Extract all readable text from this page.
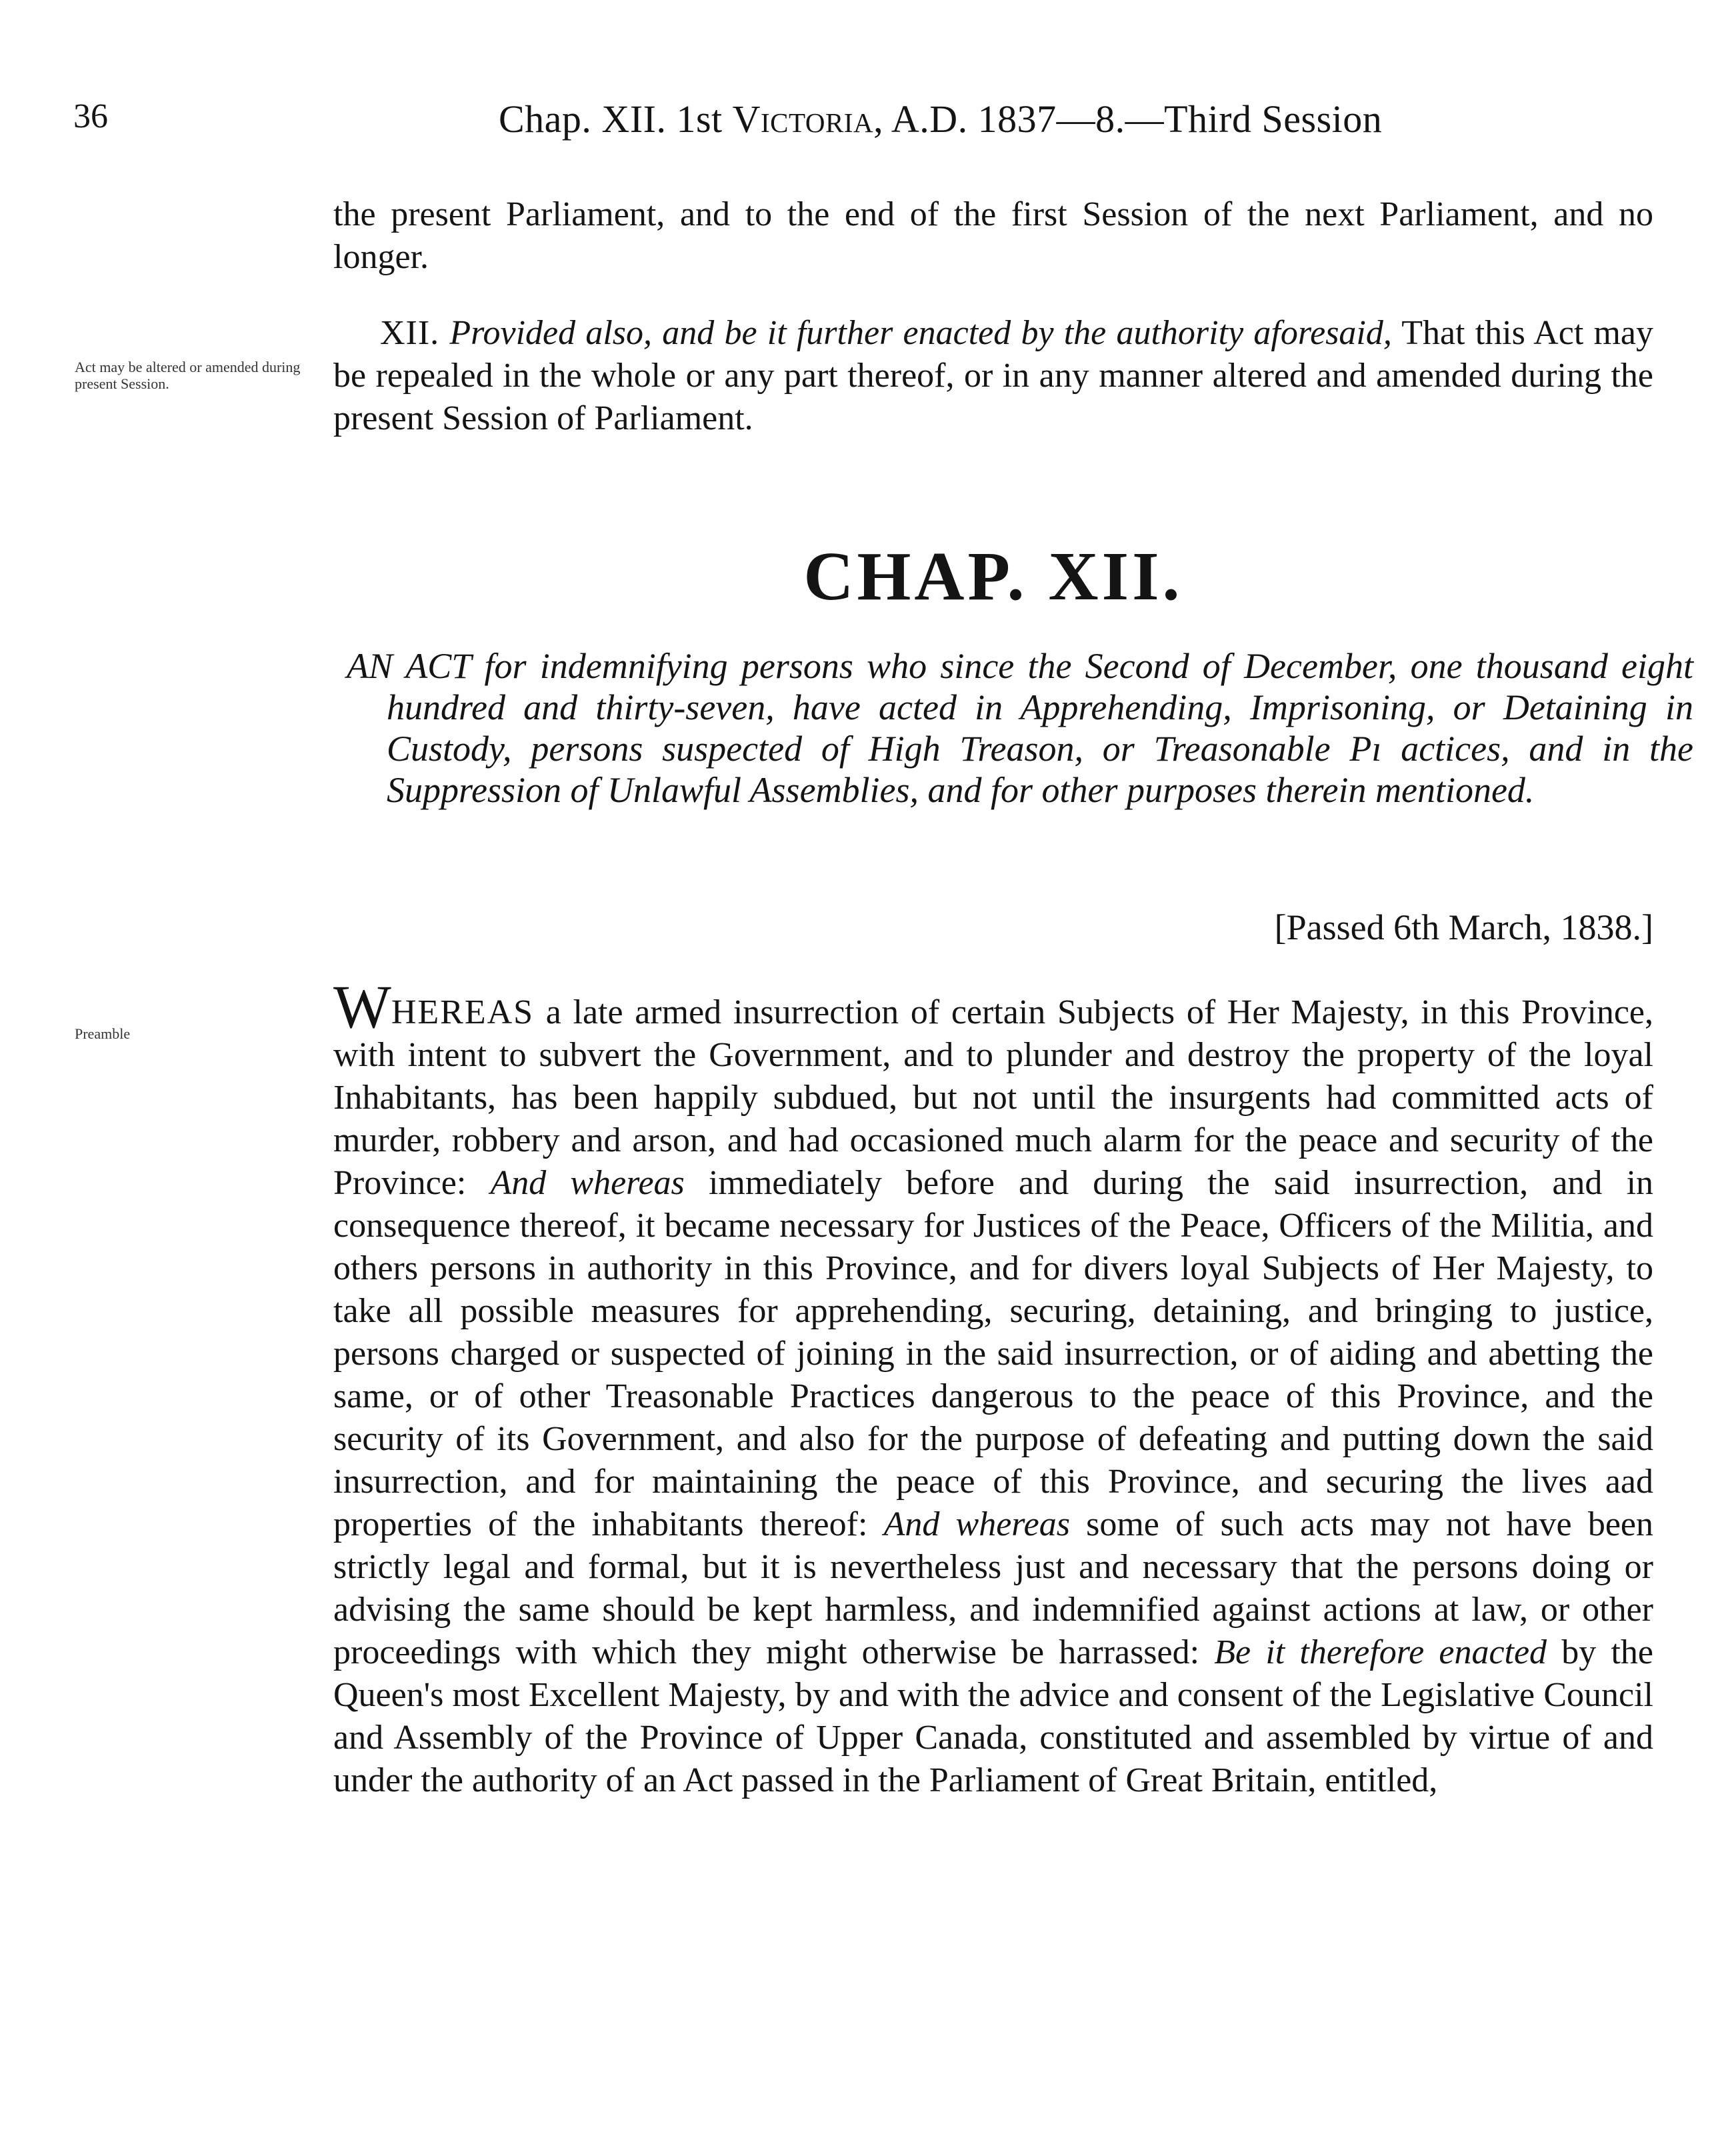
36	Chap. XII. 1st Victoria, A.D. 1837—8.—Third Session

the present Parliament, and to the end of the first Session of the next Parliament, and no longer.

Act may be altered or amended during present Session.

XII. Provided also, and be it further enacted by the authority aforesaid, That this Act may be repealed in the whole or any part thereof, or in any manner altered and amended during the present Session of Parliament.

CHAP. XII.

AN ACT for indemnifying persons who since the Second of December, one thousand eight hundred and thirty-seven, have acted in Apprehending, Imprisoning, or Detaining in Custody, persons suspected of High Treason, or Treasonable Pı actices, and in the Suppression of Unlawful Assemblies, and for other purposes therein mentioned.

[Passed 6th March, 1838.]
Preamble	WHEREAS a late armed insurrection of certain Subjects of Her Majesty, in this Province, with intent to subvert the Government, and to plunder and destroy the property of the loyal Inhabitants, has been happily subdued, but not until the insurgents had committed acts of murder, robbery and arson, and had occasioned much alarm for the peace and security of the Province: And whereas immediately before and during the said insurrection, and in consequence thereof, it became necessary for Justices of the Peace, Officers of the Militia, and others persons in authority in this Province, and for divers loyal Subjects of Her Majesty, to take all possible measures for apprehending, securing, detaining, and bringing to justice, persons charged or suspected of joining in the said insurrection, or of aiding and abetting the same, or of other Treasonable Practices dangerous to the peace of this Province, and the security of its Government, and also for the purpose of defeating and putting down the said insurrection, and for maintaining the peace of this Province, and securing the lives aad properties of the inhabitants thereof: And whereas some of such acts may not have been strictly legal and formal, but it is nevertheless just and necessary that the persons doing or advising the same should be kept harmless, and indemnified against actions at law, or other proceedings with which they might otherwise be harrassed: Be it therefore enacted by the Queen's most Excellent Majesty, by and with the advice and consent of the Legislative Council and Assembly of the Province of Upper Canada, constituted and assembled by virtue of and under the authority of an Act passed in the Parliament of Great Britain, entitled,
